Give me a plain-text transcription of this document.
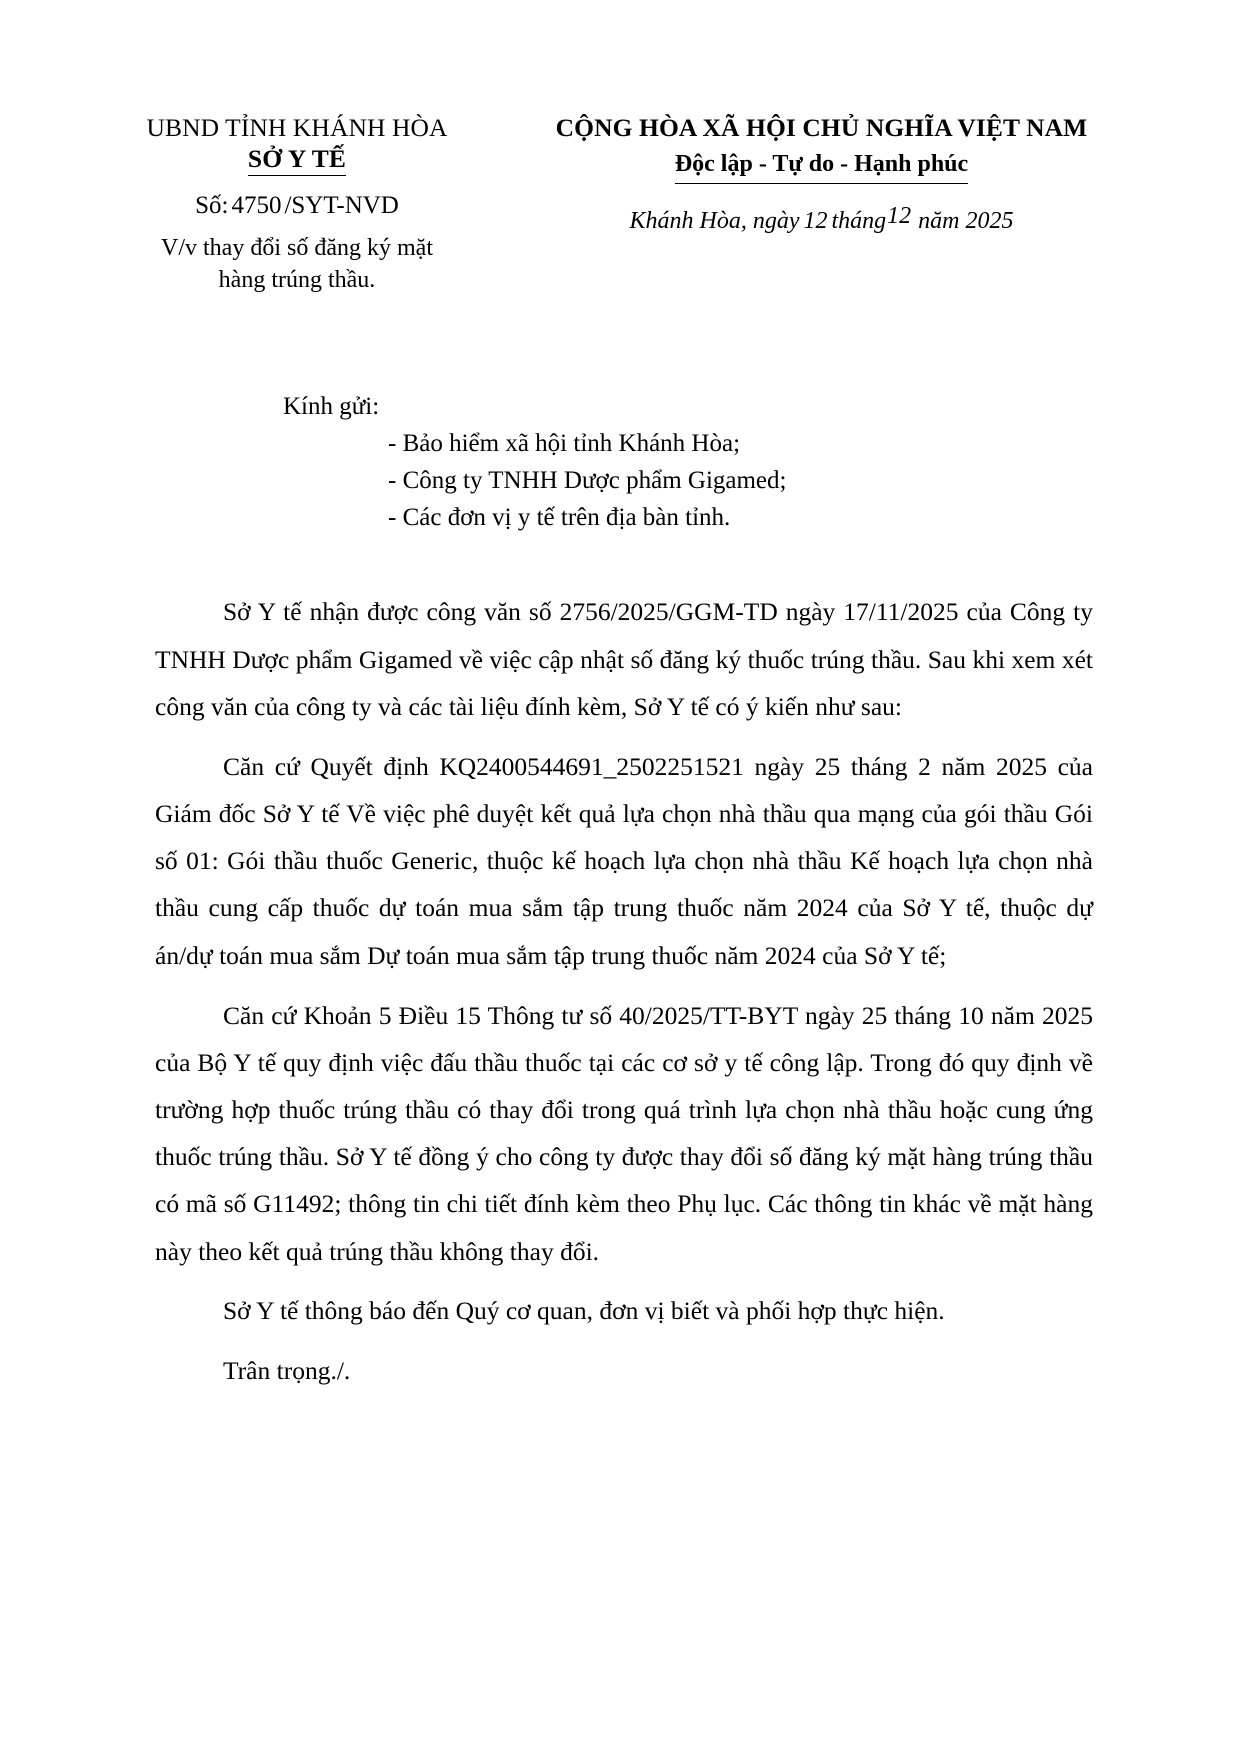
UBND TỈNH KHÁNH HÒA
SỞ Y TẾ
Số: 4750 /SYT-NVD
V/v thay đổi số đăng ký mặt
hàng trúng thầu.
CỘNG HÒA XÃ HỘI CHỦ NGHĨA VIỆT NAM
Độc lập - Tự do - Hạnh phúc
Khánh Hòa, ngày 12 tháng12 năm 2025
Kính gửi:
- Bảo hiểm xã hội tỉnh Khánh Hòa;
- Công ty TNHH Dược phẩm Gigamed;
- Các đơn vị y tế trên địa bàn tỉnh.

Sở Y tế nhận được công văn số 2756/2025/GGM-TD ngày 17/11/2025 của Công ty TNHH Dược phẩm Gigamed về việc cập nhật số đăng ký thuốc trúng thầu. Sau khi xem xét công văn của công ty và các tài liệu đính kèm, Sở Y tế có ý kiến như sau:

Căn cứ Quyết định KQ2400544691_2502251521 ngày 25 tháng 2 năm 2025 của Giám đốc Sở Y tế Về việc phê duyệt kết quả lựa chọn nhà thầu qua mạng của gói thầu Gói số 01: Gói thầu thuốc Generic, thuộc kế hoạch lựa chọn nhà thầu Kế hoạch lựa chọn nhà thầu cung cấp thuốc dự toán mua sắm tập trung thuốc năm 2024 của Sở Y tế, thuộc dự án/dự toán mua sắm Dự toán mua sắm tập trung thuốc năm 2024 của Sở Y tế;

Căn cứ Khoản 5 Điều 15 Thông tư số 40/2025/TT-BYT ngày 25 tháng 10 năm 2025 của Bộ Y tế quy định việc đấu thầu thuốc tại các cơ sở y tế công lập. Trong đó quy định về trường hợp thuốc trúng thầu có thay đổi trong quá trình lựa chọn nhà thầu hoặc cung ứng thuốc trúng thầu. Sở Y tế đồng ý cho công ty được thay đổi số đăng ký mặt hàng trúng thầu có mã số G11492; thông tin chi tiết đính kèm theo Phụ lục. Các thông tin khác về mặt hàng này theo kết quả trúng thầu không thay đổi.

Sở Y tế thông báo đến Quý cơ quan, đơn vị biết và phối hợp thực hiện.

Trân trọng./.
